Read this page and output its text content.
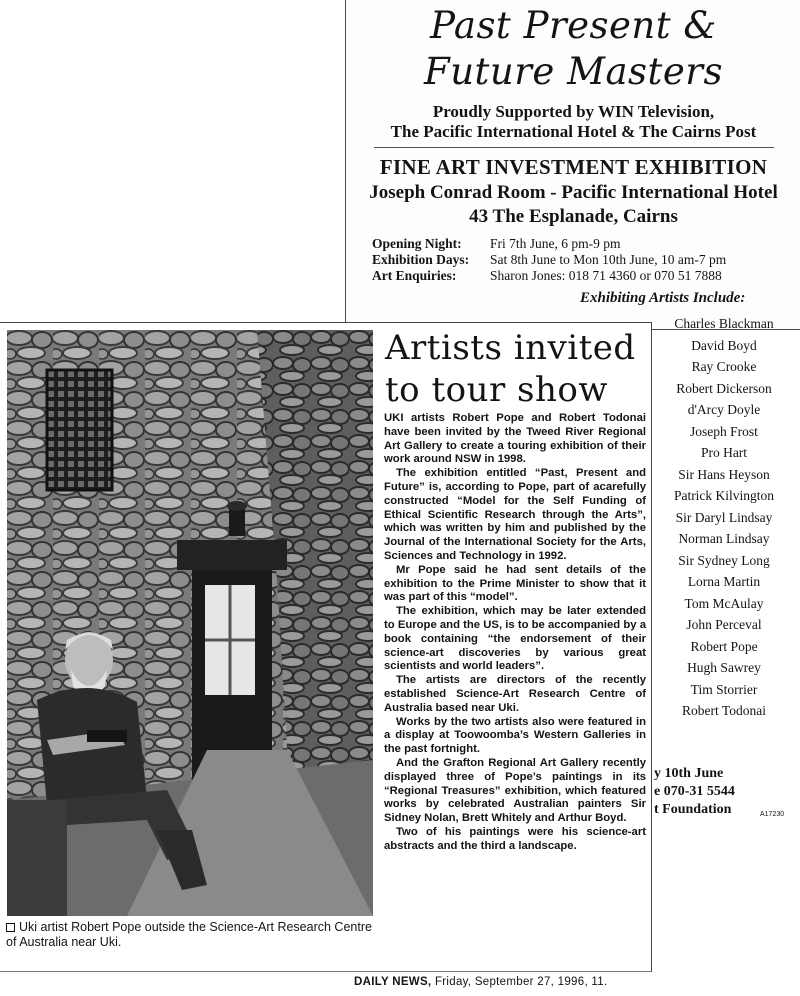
Past Present &
Future Masters
Proudly Supported by WIN Television,
The Pacific International Hotel & The Cairns Post
FINE ART INVESTMENT EXHIBITION
Joseph Conrad Room - Pacific International Hotel
43 The Esplanade, Cairns
Opening Night:	Fri 7th June, 6 pm-9 pm
Exhibition Days:	Sat 8th June to Mon 10th June, 10 am-7 pm
Art Enquiries:	Sharon Jones: 018 71 4360 or 070 51 7888
Exhibiting Artists Include:
Charles Blackman
David Boyd
Ray Crooke
Robert Dickerson
d'Arcy Doyle
Joseph Frost
Pro Hart
Sir Hans Heyson
Patrick Kilvington
Sir Daryl Lindsay
Norman Lindsay
Sir Sydney Long
Lorna Martin
Tom McAulay
John Perceval
Robert Pope
Hugh Sawrey
Tim Storrier
Robert Todonai
y 10th June
e 070-31 5544
t Foundation	A17230
Uki artist Robert Pope outside the Science-Art Research Centre of Australia near Uki.
Artists invited
to tour show

UKI artists Robert Pope and Robert Todonai have been invited by the Tweed River Regional Art Gallery to create a touring exhibition of their work around NSW in 1998.

The exhibition entitled “Past, Present and Future” is, according to Pope, part of acarefully constructed “Model for the Self Funding of Ethical Scientific Research through the Arts”, which was written by him and published by the Journal of the International Society for the Arts, Sciences and Technology in 1992.

Mr Pope said he had sent details of the exhibition to the Prime Minister to show that it was part of this “model”.

The exhibition, which may be later extended to Europe and the US, is to be accompanied by a book containing “the endorsement of their science-art discoveries by various great scientists and world leaders”.

The artists are directors of the recently established Science-Art Research Centre of Australia based near Uki.

Works by the two artists also were featured in a display at Toowoomba’s Western Galleries in the past fortnight.

And the Grafton Regional Art Gallery recently displayed three of Pope’s paintings in its “Regional Treasures” exhibition, which featured works by celebrated Australian painters Sir Sidney Nolan, Brett Whitely and Arthur Boyd.

Two of his paintings were his science-art abstracts and the third a landscape.

DAILY NEWS, Friday, September 27, 1996, 11.
